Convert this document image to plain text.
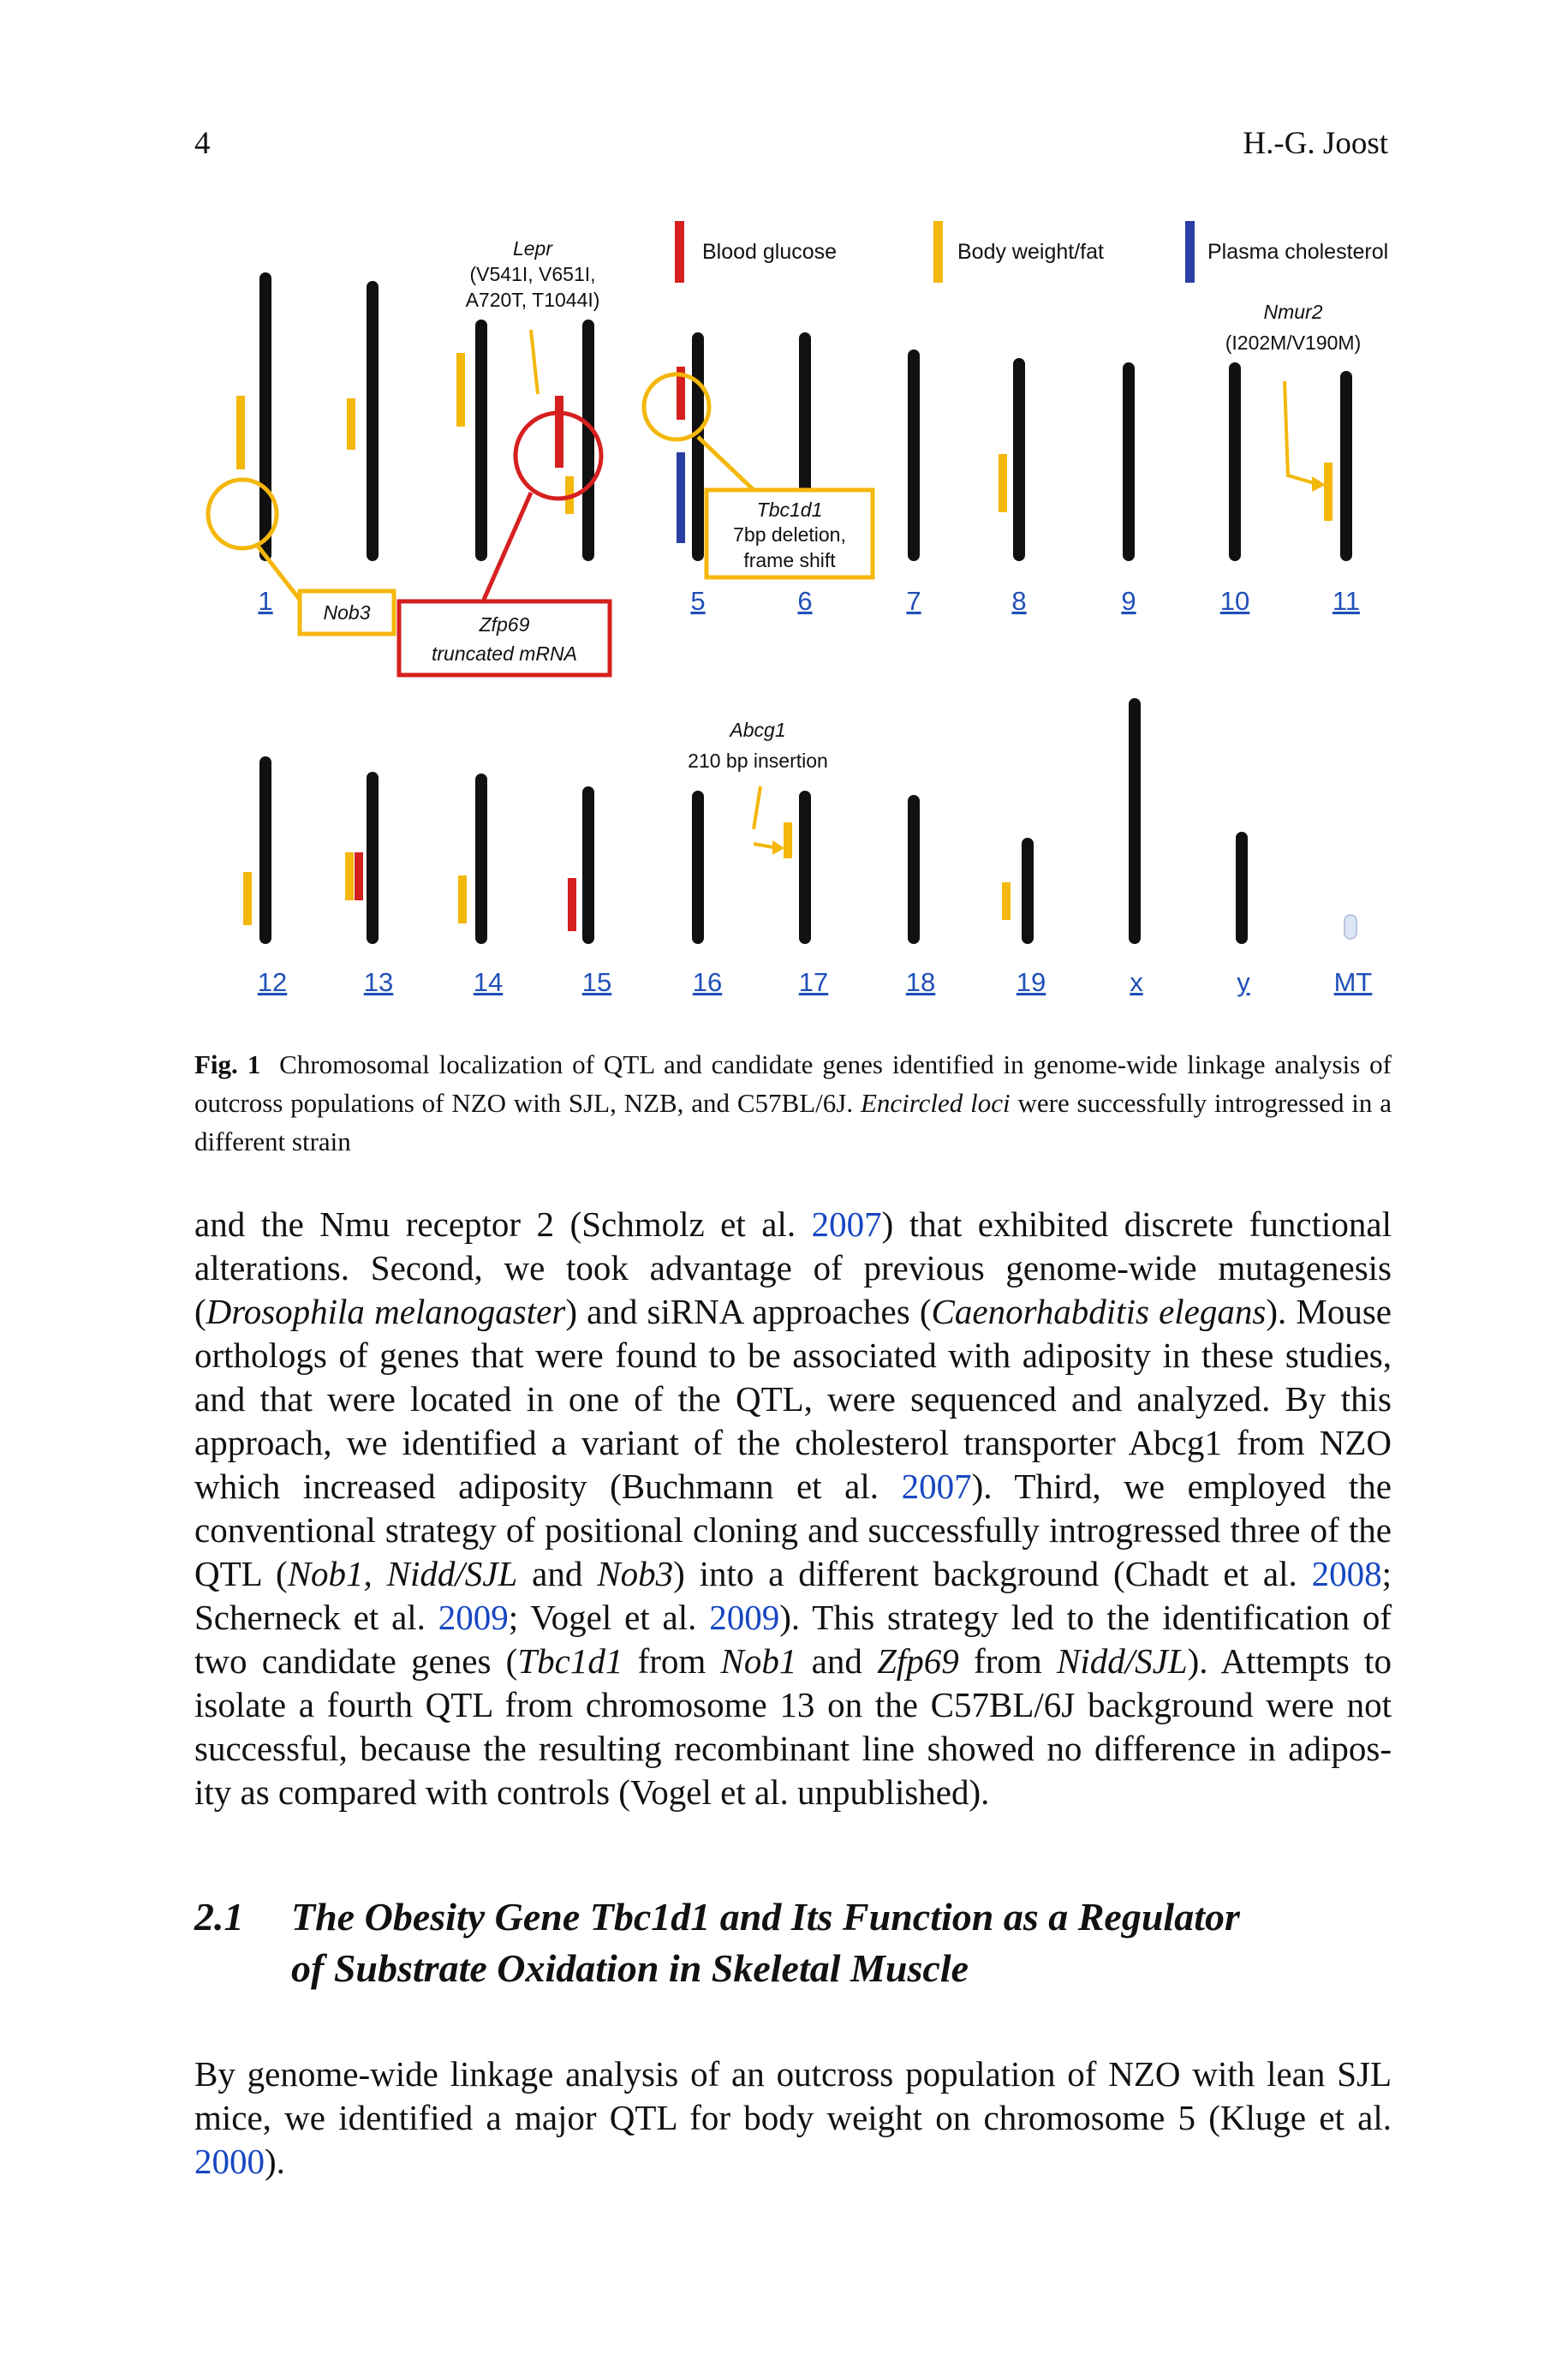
4	H.-G. Joost
Blood glucose	Body weight/fat	Plasma cholesterol
Lepr
(V541I, V651I,
A720T, T1044I)
Nmur2
(I202M/V190M)
Nob3
Zfp69
truncated mRNA
Tbc1d1
7bp deletion,
frame shift
1	5	6	7	8	9	10	11
Abcg1
210 bp insertion
12	13	14	15	16	17	18	19	x	y	MT
Fig. 1 Chromosomal localization of QTL and candidate genes identified in genome-wide linkage analysis of outcross populations of NZO with SJL, NZB, and C57BL/6J. Encircled loci were successfully introgressed in a different strain
and the Nmu receptor 2 (Schmolz et al. 2007) that exhibited discrete functional alterations. Second, we took advantage of previous genome-wide mutagenesis (Drosophila melanogaster) and siRNA approaches (Caenorhabditis elegans). Mouse orthologs of genes that were found to be associated with adiposity in these studies, and that were located in one of the QTL, were sequenced and analyzed. By this approach, we identified a variant of the cholesterol transporter Abcg1 from NZO which increased adiposity (Buchmann et al. 2007). Third, we employed the conventional strategy of positional cloning and successfully introgressed three of the QTL (Nob1, Nidd/SJL and Nob3) into a different background (Chadt et al. 2008; Scherneck et al. 2009; Vogel et al. 2009). This strategy led to the identification of two candidate genes (Tbc1d1 from Nob1 and Zfp69 from Nidd/SJL). Attempts to isolate a fourth QTL from chromosome 13 on the C57BL/6J background were not successful, because the resulting recombinant line showed no difference in adipos-ity as compared with controls (Vogel et al. unpublished).
2.1 The Obesity Gene Tbc1d1 and Its Function as a Regulator
of Substrate Oxidation in Skeletal Muscle
By genome-wide linkage analysis of an outcross population of NZO with lean SJL mice, we identified a major QTL for body weight on chromosome 5 (Kluge et al. 2000).
